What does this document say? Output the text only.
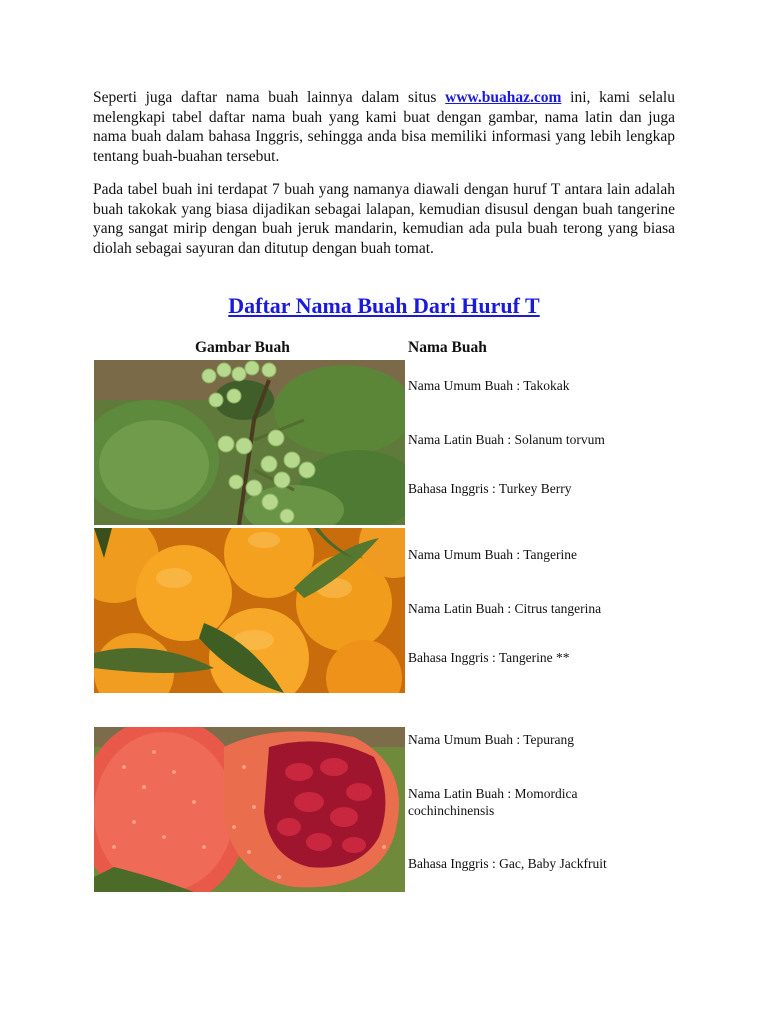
Seperti juga daftar nama buah lainnya dalam situs www.buahaz.com ini, kami selalu melengkapi tabel daftar nama buah yang kami buat dengan gambar, nama latin dan juga nama buah dalam bahasa Inggris, sehingga anda bisa memiliki informasi yang lebih lengkap tentang buah-buahan tersebut.

Pada tabel buah ini terdapat 7 buah yang namanya diawali dengan huruf T antara lain adalah buah takokak yang biasa dijadikan sebagai lalapan, kemudian disusul dengan buah tangerine yang sangat mirip dengan buah jeruk mandarin, kemudian ada pula buah terong yang biasa diolah sebagai sayuran dan ditutup dengan buah tomat.

Daftar Nama Buah Dari Huruf T
Gambar Buah	Nama Buah
Nama Umum Buah : Takokak
Nama Latin Buah : Solanum torvum
Bahasa Inggris : Turkey Berry
Nama Umum Buah : Tangerine
Nama Latin Buah : Citrus tangerina
Bahasa Inggris : Tangerine **
Nama Umum Buah : Tepurang
Nama Latin Buah : Momordica
cochinchinensis
Bahasa Inggris : Gac, Baby Jackfruit
